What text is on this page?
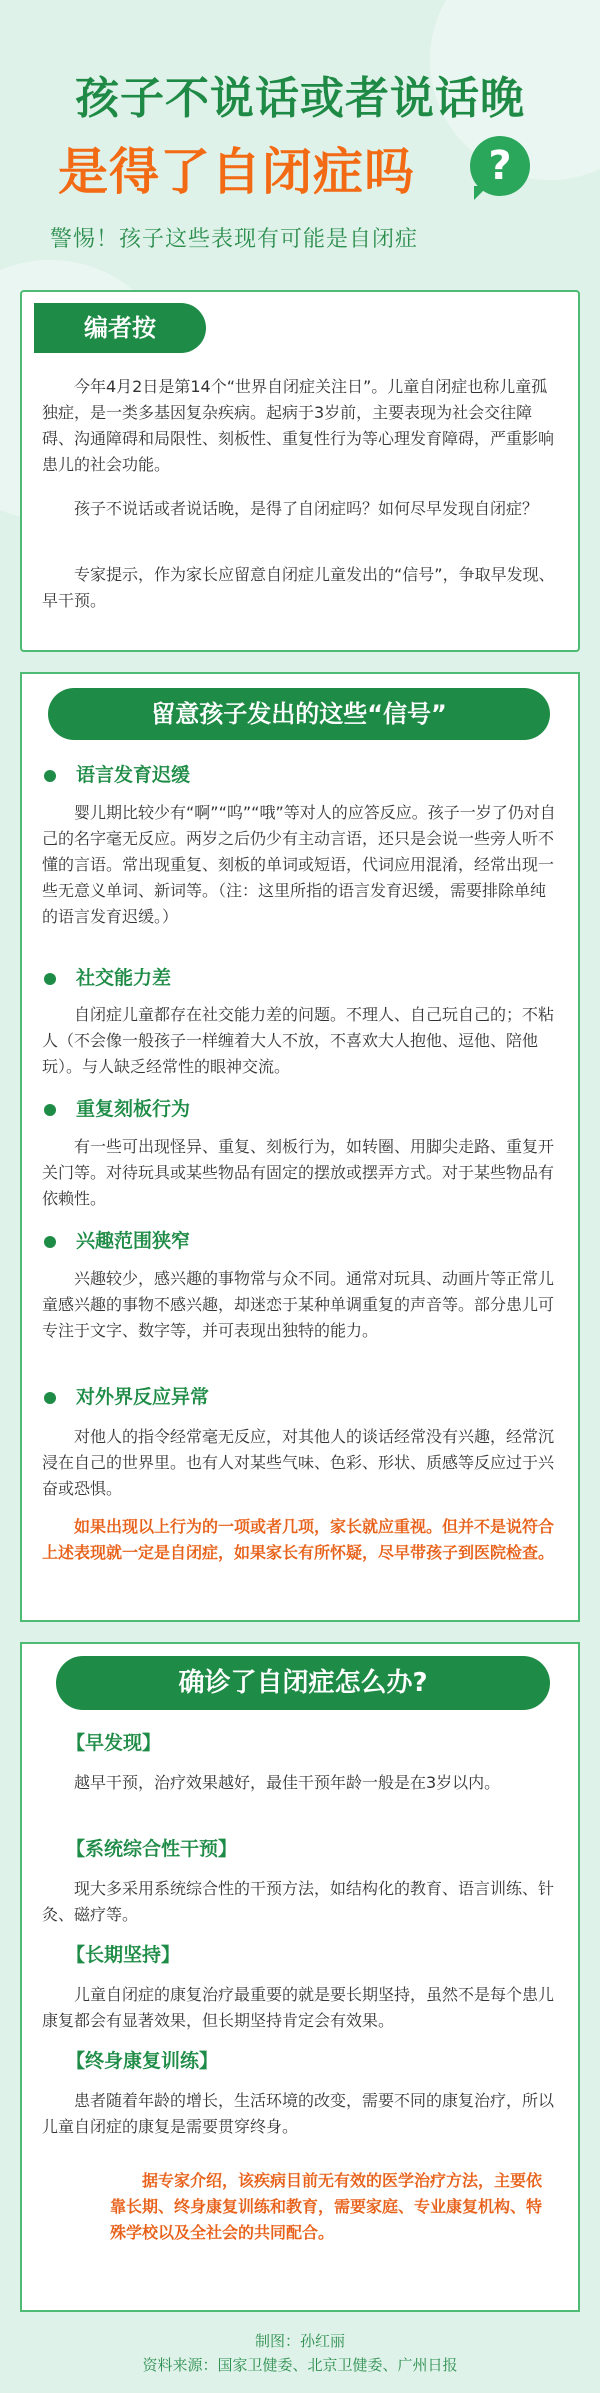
孩子不说话或者说话晚
是得了自闭症吗	?
警惕！孩子这些表现有可能是自闭症
编者按
今年4月2日是第14个“世界自闭症关注日”。儿童自闭症也称儿童孤独症，是一类多基因复杂疾病。起病于3岁前，主要表现为社会交往障碍、沟通障碍和局限性、刻板性、重复性行为等心理发育障碍，严重影响患儿的社会功能。
孩子不说话或者说话晚，是得了自闭症吗？如何尽早发现自闭症？
专家提示，作为家长应留意自闭症儿童发出的“信号”，争取早发现、早干预。
留意孩子发出的这些“信号”
语言发育迟缓
婴儿期比较少有“啊”“呜”“哦”等对人的应答反应。孩子一岁了仍对自己的名字毫无反应。两岁之后仍少有主动言语，还只是会说一些旁人听不懂的言语。常出现重复、刻板的单词或短语，代词应用混淆，经常出现一些无意义单词、新词等。（注：这里所指的语言发育迟缓，需要排除单纯的语言发育迟缓。）
社交能力差
自闭症儿童都存在社交能力差的问题。不理人、自己玩自己的；不粘人（不会像一般孩子一样缠着大人不放，不喜欢大人抱他、逗他、陪他玩）。与人缺乏经常性的眼神交流。
重复刻板行为
有一些可出现怪异、重复、刻板行为，如转圈、用脚尖走路、重复开关门等。对待玩具或某些物品有固定的摆放或摆弄方式。对于某些物品有依赖性。
兴趣范围狭窄
兴趣较少，感兴趣的事物常与众不同。通常对玩具、动画片等正常儿童感兴趣的事物不感兴趣，却迷恋于某种单调重复的声音等。部分患儿可专注于文字、数字等，并可表现出独特的能力。
对外界反应异常
对他人的指令经常毫无反应，对其他人的谈话经常没有兴趣，经常沉浸在自己的世界里。也有人对某些气味、色彩、形状、质感等反应过于兴奋或恐惧。
如果出现以上行为的一项或者几项，家长就应重视。但并不是说符合上述表现就一定是自闭症，如果家长有所怀疑，尽早带孩子到医院检查。
确诊了自闭症怎么办?
【早发现】
越早干预，治疗效果越好，最佳干预年龄一般是在3岁以内。
【系统综合性干预】
现大多采用系统综合性的干预方法，如结构化的教育、语言训练、针灸、磁疗等。
【长期坚持】
儿童自闭症的康复治疗最重要的就是要长期坚持，虽然不是每个患儿康复都会有显著效果，但长期坚持肯定会有效果。
【终身康复训练】
患者随着年龄的增长，生活环境的改变，需要不同的康复治疗，所以儿童自闭症的康复是需要贯穿终身。
据专家介绍，该疾病目前无有效的医学治疗方法，主要依靠长期、终身康复训练和教育，需要家庭、专业康复机构、特殊学校以及全社会的共同配合。
制图：孙红丽
资料来源：国家卫健委、北京卫健委、广州日报
